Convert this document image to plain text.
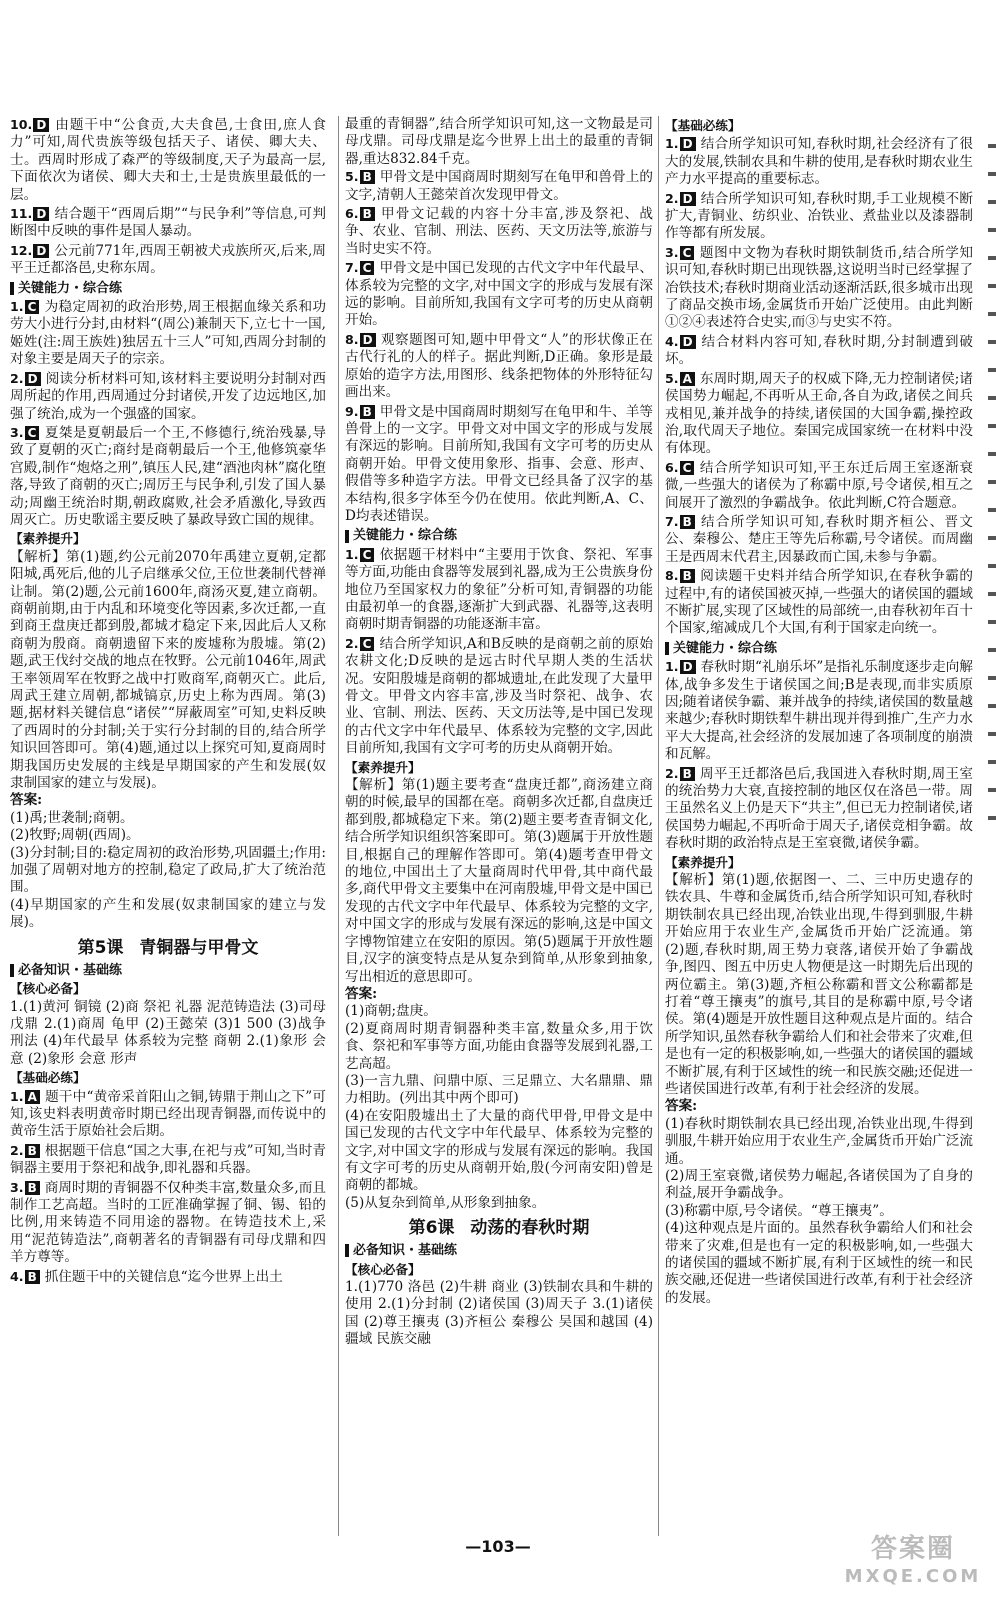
10. D 由题干中“公食贡,大夫食邑,士食田,庶人食力”可知,周代贵族等级包括天子、诸侯、卿大夫、士。西周时形成了森严的等级制度,天子为最高一层,下面依次为诸侯、卿大夫和士,士是贵族里最低的一层。
11. D 结合题干“西周后期”“与民争利”等信息,可判断图中反映的事件是国人暴动。
12. D 公元前771年,西周王朝被犬戎族所灭,后来,周平王迁都洛邑,史称东周。
关键能力・综合练
1. C 为稳定周初的政治形势,周王根据血缘关系和功劳大小进行分封,由材料“(周公)兼制天下,立七十一国,姬姓(注:周王族姓)独居五十三人”可知,西周分封制的对象主要是周天子的宗亲。
2. D 阅读分析材料可知,该材料主要说明分封制对西周所起的作用,西周通过分封诸侯,开发了边远地区,加强了统治,成为一个强盛的国家。
3. C 夏桀是夏朝最后一个王,不修德行,统治残暴,导致了夏朝的灭亡;商纣是商朝最后一个王,他修筑豪华宫殿,制作“炮烙之刑”,镇压人民,建“酒池肉林”腐化堕落,导致了商朝的灭亡;周厉王与民争利,引发了国人暴动;周幽王统治时期,朝政腐败,社会矛盾激化,导致西周灭亡。历史歌谣主要反映了暴政导致亡国的规律。
【素养提升】

【解析】第(1)题,约公元前2070年禹建立夏朝,定都阳城,禹死后,他的儿子启继承父位,王位世袭制代替禅让制。第(2)题,公元前1600年,商汤灭夏,建立商朝。商朝前期,由于内乱和环境变化等因素,多次迁都,一直到商王盘庚迁都到殷,都城才稳定下来,因此后人又称商朝为殷商。商朝遗留下来的废墟称为殷墟。第(2)题,武王伐纣交战的地点在牧野。公元前1046年,周武王率领周军在牧野之战中打败商军,商朝灭亡。此后,周武王建立周朝,都城镐京,历史上称为西周。第(3)题,据材料关键信息“诸侯”“屏蔽周室”可知,史料反映了西周时的分封制;关于实行分封制的目的,结合所学知识回答即可。第(4)题,通过以上探究可知,夏商周时期我国历史发展的主线是早期国家的产生和发展(奴隶制国家的建立与发展)。

答案:

(1)禹;世袭制;商朝。

(2)牧野;周朝(西周)。

(3)分封制;目的:稳定周初的政治形势,巩固疆土;作用:加强了周朝对地方的控制,稳定了政局,扩大了统治范围。

(4)早期国家的产生和发展(奴隶制国家的建立与发展)。

第5课 青铜器与甲骨文
必备知识・基础练
【核心必备】

1.(1)黄河 铜镜 (2)商 祭祀 礼器 泥范铸造法 (3)司母戊鼎 2.(1)商周 龟甲 (2)王懿荣 (3)1 500 (3)战争 刑法 (4)年代最早 体系较为完整 商朝 2.(1)象形 会意 (2)象形 会意 形声

【基础必练】
1. A 题干中“黄帝采首阳山之铜,铸鼎于荆山之下”可知,该史料表明黄帝时期已经出现青铜器,而传说中的黄帝生活于原始社会后期。
2. B 根据题干信息“国之大事,在祀与戎”可知,当时青铜器主要用于祭祀和战争,即礼器和兵器。
3. B 商周时期的青铜器不仅种类丰富,数量众多,而且制作工艺高超。当时的工匠准确掌握了铜、锡、铅的比例,用来铸造不同用途的器物。在铸造技术上,采用“泥范铸造法”,商朝著名的青铜器有司母戊鼎和四羊方尊等。
4. B 抓住题干中的关键信息“迄今世界上出土

最重的青铜器”,结合所学知识可知,这一文物最是司母戊鼎。司母戊鼎是迄今世界上出土的最重的青铜器,重达832.84千克。

5. B 甲骨文是中国商周时期刻写在龟甲和兽骨上的文字,清朝人王懿荣首次发现甲骨文。
6. B 甲骨文记载的内容十分丰富,涉及祭祀、战争、农业、官制、刑法、医药、天文历法等,旅游与当时史实不符。
7. C 甲骨文是中国已发现的古代文字中年代最早、体系较为完整的文字,对中国文字的形成与发展有深远的影响。目前所知,我国有文字可考的历史从商朝开始。
8. D 观察题图可知,题中甲骨文“人”的形状像正在古代行礼的人的样子。据此判断,D正确。象形是最原始的造字方法,用图形、线条把物体的外形特征勾画出来。
9. B 甲骨文是中国商周时期刻写在龟甲和牛、羊等兽骨上的一文字。甲骨文对中国文字的形成与发展有深远的影响。目前所知,我国有文字可考的历史从商朝开始。甲骨文使用象形、指事、会意、形声、假借等多种造字方法。甲骨文已经具备了汉字的基本结构,很多字体至今仍在使用。依此判断,A、C、D均表述错误。
关键能力・综合练
1. C 依据题干材料中“主要用于饮食、祭祀、军事等方面,功能由食器等发展到礼器,成为王公贵族身份地位乃至国家权力的象征”分析可知,青铜器的功能由最初单一的食器,逐渐扩大到武器、礼器等,这表明商朝时期青铜器的功能逐渐丰富。
2. C 结合所学知识,A和B反映的是商朝之前的原始农耕文化;D反映的是远古时代早期人类的生活状况。安阳殷墟是商朝的都城遗址,在此发现了大量甲骨文。甲骨文内容丰富,涉及当时祭祀、战争、农业、官制、刑法、医药、天文历法等,是中国已发现的古代文字中年代最早、体系较为完整的文字,因此目前所知,我国有文字可考的历史从商朝开始。
【素养提升】

【解析】第(1)题主要考查“盘庚迁都”,商汤建立商朝的时候,最早的国都在亳。商朝多次迁都,自盘庚迁都到殷,都城稳定下来。第(2)题主要考查青铜文化,结合所学知识组织答案即可。第(3)题属于开放性题目,根据自己的理解作答即可。第(4)题考查甲骨文的地位,中国出土了大量商周时代甲骨,其中商代最多,商代甲骨文主要集中在河南殷墟,甲骨文是中国已发现的古代文字中年代最早、体系较为完整的文字,对中国文字的形成与发展有深远的影响,这是中国文字博物馆建立在安阳的原因。第(5)题属于开放性题目,汉字的演变特点是从复杂到简单,从形象到抽象,写出相近的意思即可。

答案:

(1)商朝;盘庚。

(2)夏商周时期青铜器种类丰富,数量众多,用于饮食、祭祀和军事等方面,功能由食器等发展到礼器,工艺高超。

(3)一言九鼎、问鼎中原、三足鼎立、大名鼎鼎、鼎力相助。(列出其中两个即可)

(4)在安阳殷墟出土了大量的商代甲骨,甲骨文是中国已发现的古代文字中年代最早、体系较为完整的文字,对中国文字的形成与发展有深远的影响。我国有文字可考的历史从商朝开始,殷(今河南安阳)曾是商朝的都城。

(5)从复杂到简单,从形象到抽象。

第6课 动荡的春秋时期
必备知识・基础练
【核心必备】

1.(1)770 洛邑 (2)牛耕 商业 (3)铁制农具和牛耕的使用 2.(1)分封制 (2)诸侯国 (3)周天子 3.(1)诸侯国 (2)尊王攘夷 (3)齐桓公 秦穆公 吴国和越国 (4)疆域 民族交融

【基础必练】
1. D 结合所学知识可知,春秋时期,社会经济有了很大的发展,铁制农具和牛耕的使用,是春秋时期农业生产力水平提高的重要标志。
2. D 结合所学知识可知,春秋时期,手工业规模不断扩大,青铜业、纺织业、冶铁业、煮盐业以及漆器制作等都有所发展。
3. C 题图中文物为春秋时期铁制货币,结合所学知识可知,春秋时期已出现铁器,这说明当时已经掌握了冶铁技术;春秋时期商业活动逐渐活跃,很多城市出现了商品交换市场,金属货币开始广泛使用。由此判断①②④表述符合史实,而③与史实不符。
4. D 结合材料内容可知,春秋时期,分封制遭到破坏。
5. A 东周时期,周天子的权威下降,无力控制诸侯;诸侯国势力崛起,不再听从王命,各自为政,诸侯之间兵戎相见,兼并战争的持续,诸侯国的大国争霸,操控政治,取代周天子地位。秦国完成国家统一在材料中没有体现。
6. C 结合所学知识可知,平王东迁后周王室逐渐衰微,一些强大的诸侯为了称霸中原,号令诸侯,相互之间展开了激烈的争霸战争。依此判断,C符合题意。
7. B 结合所学知识可知,春秋时期齐桓公、晋文公、秦穆公、楚庄王等先后称霸,号令诸侯。而周幽王是西周末代君主,因暴政而亡国,未参与争霸。
8. B 阅读题干史料并结合所学知识,在春秋争霸的过程中,有的诸侯国被灭掉,一些强大的诸侯国的疆域不断扩展,实现了区域性的局部统一,由春秋初年百十个国家,缩减成几个大国,有利于国家走向统一。
关键能力・综合练
1. D 春秋时期“礼崩乐坏”是指礼乐制度逐步走向解体,战争多发生于诸侯国之间;B是表现,而非实质原因;随着诸侯争霸、兼并战争的持续,诸侯国的数量越来越少;春秋时期铁犁牛耕出现并得到推广,生产力水平大大提高,社会经济的发展加速了各项制度的崩溃和瓦解。
2. B 周平王迁都洛邑后,我国进入春秋时期,周王室的统治势力大衰,直接控制的地区仅在洛邑一带。周王虽然名义上仍是天下“共主”,但已无力控制诸侯,诸侯国势力崛起,不再听命于周天子,诸侯竞相争霸。故春秋时期的政治特点是王室衰微,诸侯争霸。
【素养提升】

【解析】第(1)题,依据图一、二、三中历史遗存的铁农具、牛尊和金属货币,结合所学知识可知,春秋时期铁制农具已经出现,冶铁业出现,牛得到驯服,牛耕开始应用于农业生产,金属货币开始广泛流通。第(2)题,春秋时期,周王势力衰落,诸侯开始了争霸战争,图四、图五中历史人物便是这一时期先后出现的两位霸主。第(3)题,齐桓公称霸和晋文公称霸都是打着“尊王攘夷”的旗号,其目的是称霸中原,号令诸侯。第(4)题是开放性题目这种观点是片面的。结合所学知识,虽然春秋争霸给人们和社会带来了灾难,但是也有一定的积极影响,如,一些强大的诸侯国的疆域不断扩展,有利于区域性的统一和民族交融;还促进一些诸侯国进行改革,有利于社会经济的发展。

答案:

(1)春秋时期铁制农具已经出现,冶铁业出现,牛得到驯服,牛耕开始应用于农业生产,金属货币开始广泛流通。

(2)周王室衰微,诸侯势力崛起,各诸侯国为了自身的利益,展开争霸战争。

(3)称霸中原,号令诸侯。“尊王攘夷”。

(4)这种观点是片面的。虽然春秋争霸给人们和社会带来了灾难,但是也有一定的积极影响,如,一些强大的诸侯国的疆域不断扩展,有利于区域性的统一和民族交融,还促进一些诸侯国进行改革,有利于社会经济的发展。

—103—	答案圈
MXQE.COM
